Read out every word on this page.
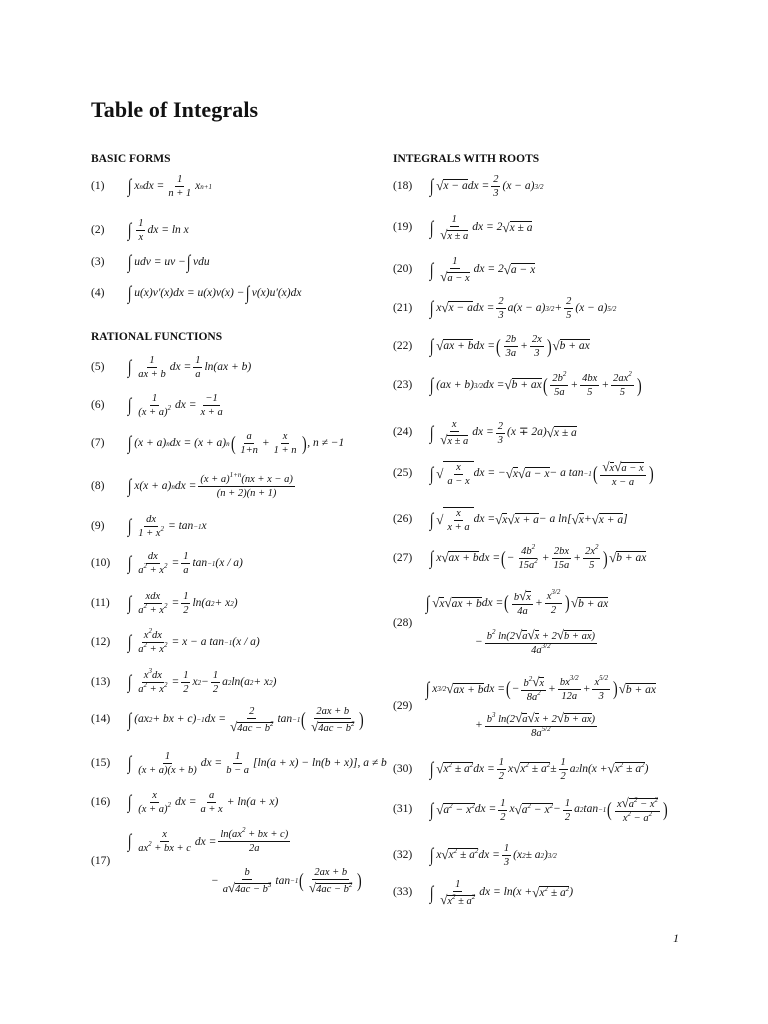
Table of Integrals
BASIC FORMS
RATIONAL FUNCTIONS
INTEGRALS WITH ROOTS
(1)	∫ x n dx = $\frac{1}{n + 1}$ x n+1
(2)	∫ $\frac{1}{x}$ dx = ln x
(3)	∫ udv = uv − ∫ vdu
(4)	∫ u(x)v′(x)dx = u(x)v(x) − ∫ v(x)u′(x)dx
(5)	∫ $\frac{1}{ax + b}$ dx = $\frac{1}{a} \ln(ax + b)$
(6)	∫ $\frac{1}{(x + a)^2}$ dx = $\frac{-1}{x + a}$
(7)	∫ (x + a) n dx = (x + a) n ( $\frac{a}{1+n} + \frac{x}{1 + n}$ ) , n ≠ −1
(8)	∫ x(x + a) n dx = $\frac{(x + a)^{1+n}(nx + x - a)}{(n + 2)(n + 1)}$
(9)	∫ $\frac{dx}{1 + x^2} = \tan -1$ x
(10) ∫ $\frac{dx}{a^2 + x^2} = \frac{1}{a}$ tan −1 (x / a)
(11) ∫ $\frac{\text{xdx}}{a^2 + x^2} = \frac{1}{2} \ln(a$ 2 + x 2 )
(12) ∫ $\frac{x^2dx}{a^2 + x^2} = x - a$ tan −1 (x / a)
(13) ∫ $\frac{x^3dx}{a^2 + x^2} = \frac{1}{2}$ x $2 - \frac{1}{2}$ a 2 ln(a 2 + x 2 )
(14) ∫ (ax 2 + bx + c) −1 dx = $\frac{2}{√4ac - b^2}$ tan −1 ( $\frac{2ax + b}{√4ac - b^2}$ )
(15) ∫ $\frac{1}{(x + a)(x + b)}$ dx = $\frac{1}{b - a} [\ln(a + x) - \ln(b + x)]$, a ≠ b
(16) ∫ $\frac{x}{(x + a)^2}$ dx = $\frac{a}{a + x} + \ln(a + x)$
(17)
∫ $\frac{x}{ax^2 + bx + c}$ dx = $\frac{\ln(ax^2 + bx + c)}{2a}$
− $\frac{b}{a√4ac - b^3}$ tan −1 ( $\frac{2ax + b}{√4ac - b^2}$ )
(18) ∫ √ x − a dx = $\frac{2}{3} (x - a)$ 3/2
(19) ∫ $\frac{1}{√x \pm a}$ dx = 2 √ x ± a
(20) ∫ $\frac{1}{√a - x}$ dx = 2 √ a − x
(21) ∫ x √ x − a dx = $\frac{2}{3} a(x - a) 3/2 + \frac{2}{5} (x - a)$ 5/2
(22) ∫ √ ax + b dx = ( $\frac{2b}{3a} + \frac{2x}{3}$ ) √ b + ax
(23) ∫ (ax + b) 3/2 dx = √ b + ax ( $\frac{2b^2}{5a} + \frac{4bx}{5} + \frac{2ax^2}{5}$ )
(24) ∫ $\frac{x}{√x \pm a}$ dx = $\frac{2}{3} (x \mp 2a)$ √ x ± a
(25) ∫ √ $\frac{x}{a - x}$ dx = − √ x √ a − x − a tan −1 ( $\frac{√x√a - x}{x - a}$ )
(26) ∫ √ $\frac{x}{x + a}$ dx = √ x √ x + a − a ln[ √ x + √ x + a ]
(27) ∫ x √ ax + b dx = ( − $\frac{4b^2}{15a^2} + \frac{2bx}{15a} + \frac{2x^2}{5}$ ) √ b + ax
(28)
∫ √ x √ ax + b dx = ( $\frac{b√x}{4a} + \frac{x^{3/2}}{2}$ ) √ b + ax
− $\frac{b^2 \ln(2√a√x + 2√b + ax)}{4a^{3/2}}$
(29)
∫ x 3/2 √ ax + b dx = ( − $\frac{b^2√x}{8a^2} + \frac{bx^{3/2}}{12a} + \frac{x^{5/2}}{3}$ ) √ b + ax
+ $\frac{b^3 \ln(2√a√x + 2√b + ax)}{8a^{5/2}}$
(30) ∫ √ $x^2 \pm a^2$ dx = $\frac{1}{2}$ x √ $x^2 \pm a^2 \pm \frac{1}{2}$ a 2 ln(x + √ $x^2 \pm a^2$ )
(31) ∫ √ $a^2 - x^2$ dx = $\frac{1}{2}$ x √ $a^2 - x^2 - \frac{1}{2}$ a 2 tan −1 ( $\frac{x√a^2 - x^2}{x^2 - a^2}$ )
(32) ∫ x √ $x^2 \pm a^2$ dx = $\frac{1}{3} (x$ 2 ± a 2 ) 3/2
(33) ∫ $\frac{1}{√x^2 \pm a^2}$ dx = ln(x + √ $x^2 \pm a^2$ )
1
